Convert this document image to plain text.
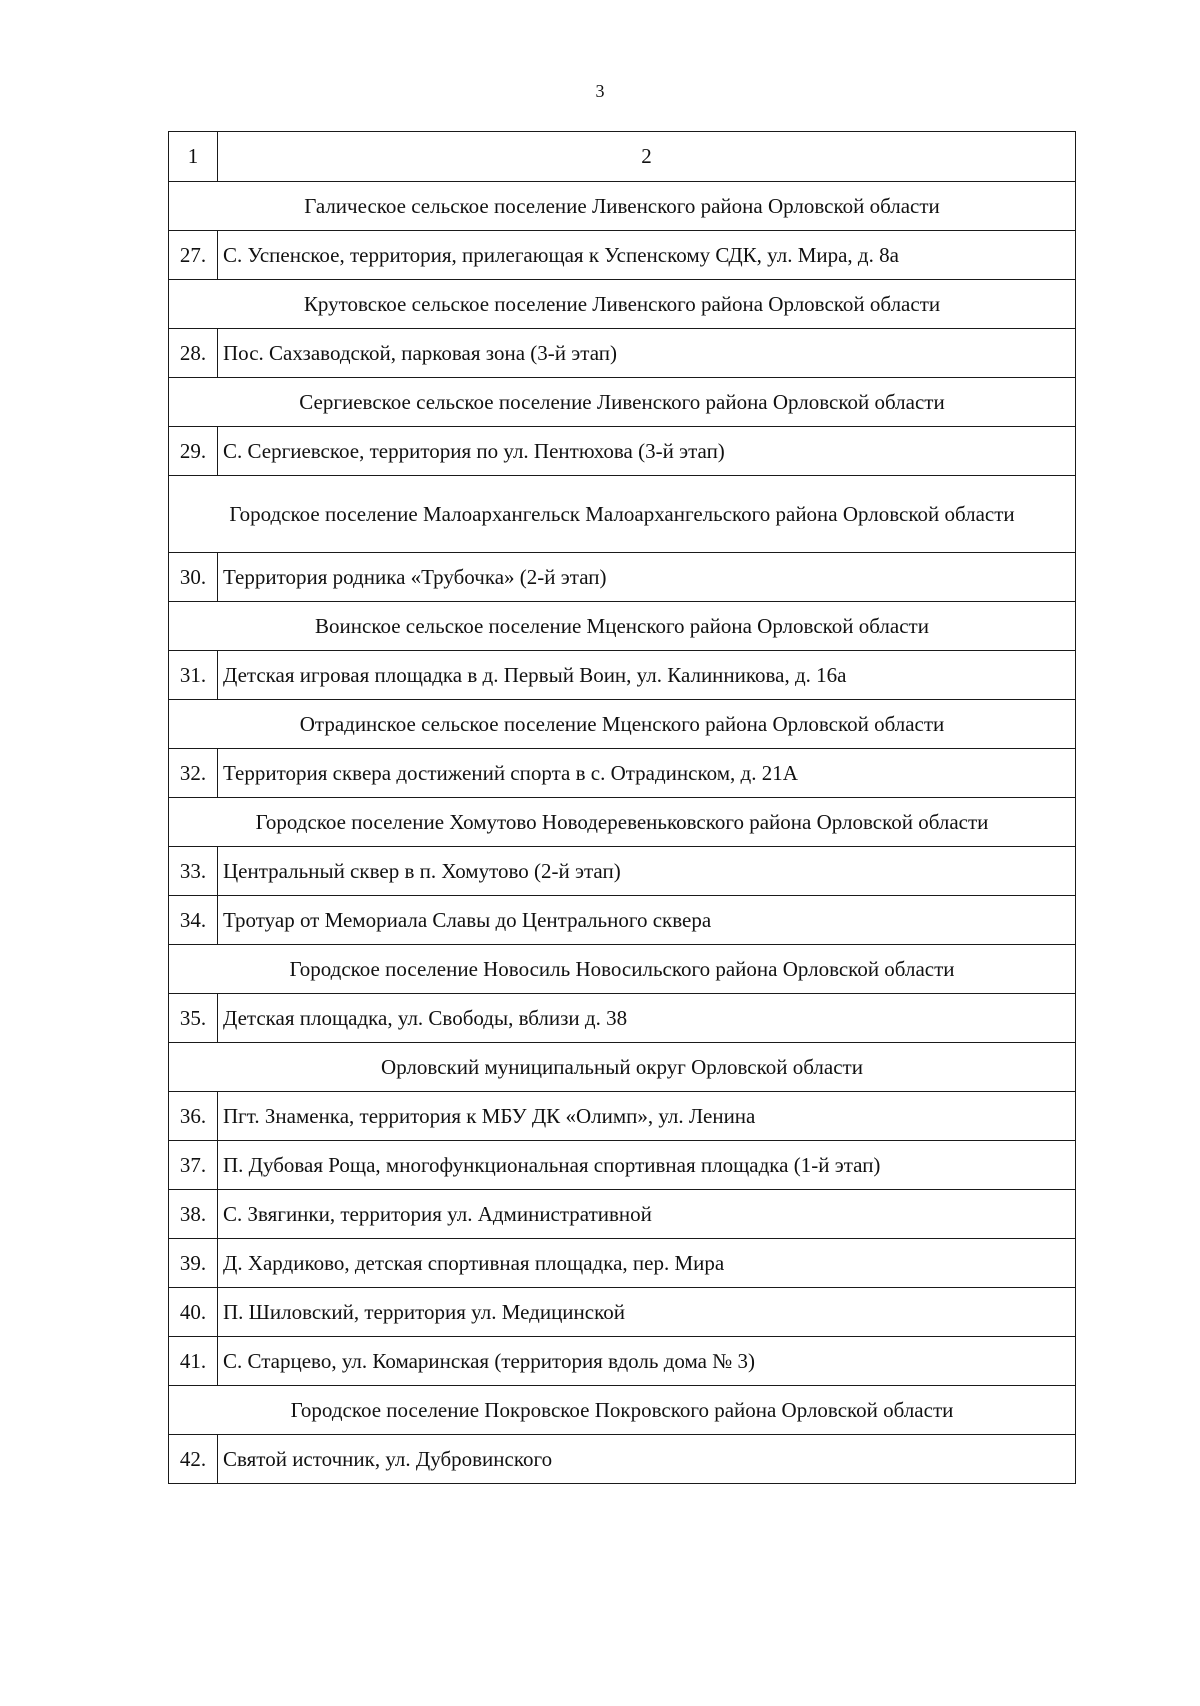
3
1	2
Галическое сельское поселение Ливенского района Орловской области	
27.	С. Успенское, территория, прилегающая к Успенскому СДК, ул. Мира, д. 8а
Крутовское сельское поселение Ливенского района Орловской области	
28.	Пос. Сахзаводской, парковая зона (3-й этап)
Сергиевское сельское поселение Ливенского района Орловской области	
29.	С. Сергиевское, территория по ул. Пентюхова (3-й этап)
Городское поселение Малоархангельск Малоархангельского района Орловской области	
30.	Территория родника «Трубочка» (2-й этап)
Воинское сельское поселение Мценского района Орловской области	
31.	Детская игровая площадка в д. Первый Воин, ул. Калинникова, д. 16а
Отрадинское сельское поселение Мценского района Орловской области	
32.	Территория сквера достижений спорта в с. Отрадинском, д. 21А
Городское поселение Хомутово Новодеревеньковского района Орловской области	
33.	Центральный сквер в п. Хомутово (2-й этап)
34.	Тротуар от Мемориала Славы до Центрального сквера
Городское поселение Новосиль Новосильского района Орловской области	
35.	Детская площадка, ул. Свободы, вблизи д. 38
Орловский муниципальный округ Орловской области	
36.	Пгт. Знаменка, территория к МБУ ДК «Олимп», ул. Ленина
37.	П. Дубовая Роща, многофункциональная спортивная площадка (1-й этап)
38.	С. Звягинки, территория ул. Административной
39.	Д. Хардиково, детская спортивная площадка, пер. Мира
40.	П. Шиловский, территория ул. Медицинской
41.	С. Старцево, ул. Комаринская (территория вдоль дома № 3)
Городское поселение Покровское Покровского района Орловской области	
42.	Святой источник, ул. Дубровинского
